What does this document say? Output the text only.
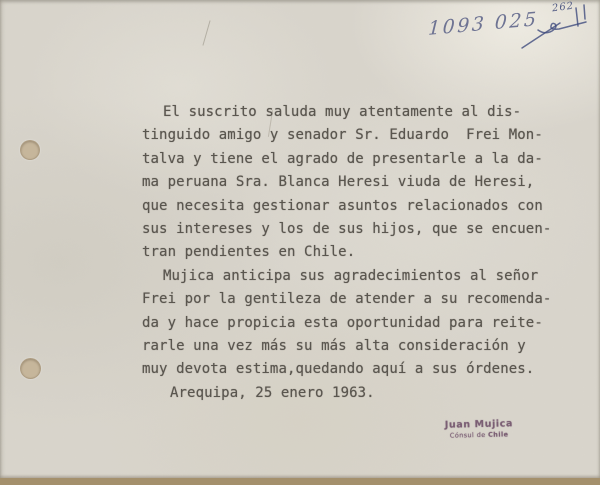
1093 025
262
El suscrito saluda muy atentamente al dis-
tinguido amigo y senador Sr. Eduardo  Frei Mon-
talva y tiene el agrado de presentarle a la da-
ma peruana Sra. Blanca Heresi viuda de Heresi,
que necesita gestionar asuntos relacionados con
sus intereses y los de sus hijos, que se encuen-
tran pendientes en Chile.
Mujica anticipa sus agradecimientos al señor
Frei por la gentileza de atender a su recomenda-
da y hace propicia esta oportunidad para reite-
rarle una vez más su más alta consideración y
muy devota estima,quedando aquí a sus órdenes.
Arequipa, 25 enero 1963.
Juan Mujica
Cónsul de Chile
